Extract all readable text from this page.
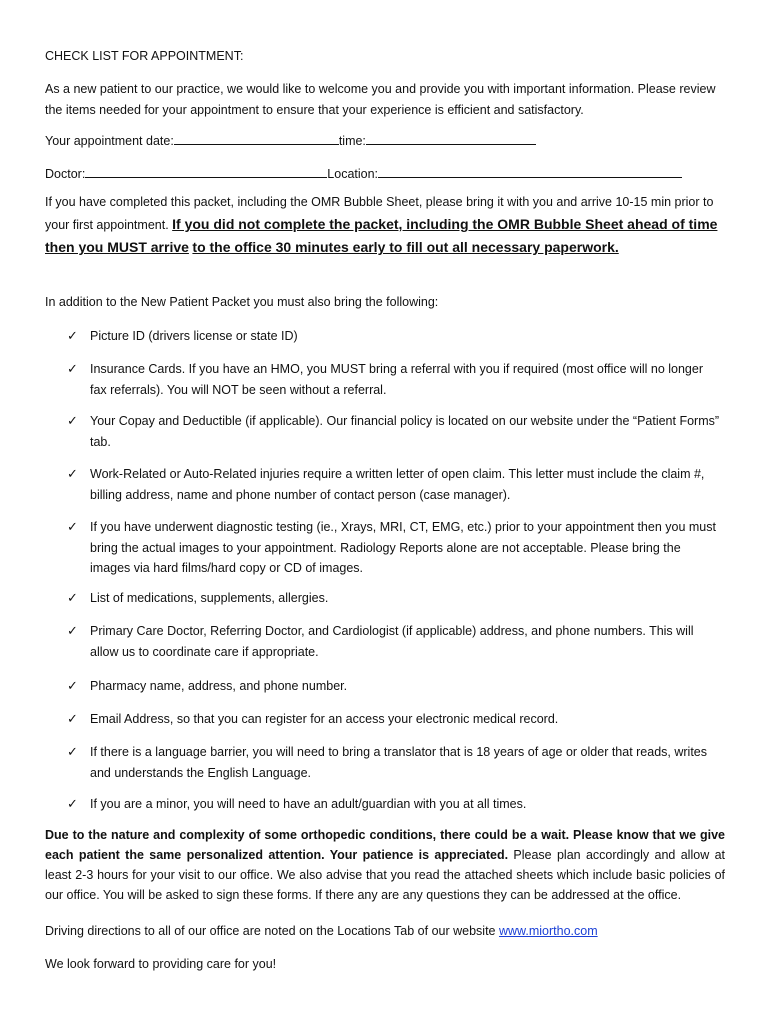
CHECK LIST FOR APPOINTMENT:
As a new patient to our practice, we would like to welcome you and provide you with important information. Please review the items needed for your appointment to ensure that your experience is efficient and satisfactory.
Your appointment date:	time:
Doctor:	Location:
If you have completed this packet, including the OMR Bubble Sheet, please bring it with you and arrive 10-15 min prior to your first appointment. If you did not complete the packet, including the OMR Bubble Sheet ahead of time then you MUST arrive to the office 30 minutes early to fill out all necessary paperwork.
In addition to the New Patient Packet you must also bring the following:
✓ Picture ID (drivers license or state ID)
✓ Insurance Cards. If you have an HMO, you MUST bring a referral with you if required (most office will no longer fax referrals). You will NOT be seen without a referral.
✓ Your Copay and Deductible (if applicable). Our financial policy is located on our website under the “Patient Forms” tab.
✓ Work-Related or Auto-Related injuries require a written letter of open claim. This letter must include the claim #, billing address, name and phone number of contact person (case manager).
✓ If you have underwent diagnostic testing (ie., Xrays, MRI, CT, EMG, etc.) prior to your appointment then you must bring the actual images to your appointment. Radiology Reports alone are not acceptable. Please bring the images via hard films/hard copy or CD of images.
✓ List of medications, supplements, allergies.
✓ Primary Care Doctor, Referring Doctor, and Cardiologist (if applicable) address, and phone numbers. This will allow us to coordinate care if appropriate.
✓ Pharmacy name, address, and phone number.
✓ Email Address, so that you can register for an access your electronic medical record.
✓ If there is a language barrier, you will need to bring a translator that is 18 years of age or older that reads, writes and understands the English Language.
✓ If you are a minor, you will need to have an adult/guardian with you at all times.
Due to the nature and complexity of some orthopedic conditions, there could be a wait. Please know that we give each patient the same personalized attention. Your patience is appreciated. Please plan accordingly and allow at least 2-3 hours for your visit to our office. We also advise that you read the attached sheets which include basic policies of our office. You will be asked to sign these forms. If there any are any questions they can be addressed at the office.
Driving directions to all of our office are noted on the Locations Tab of our website www.miortho.com
We look forward to providing care for you!
